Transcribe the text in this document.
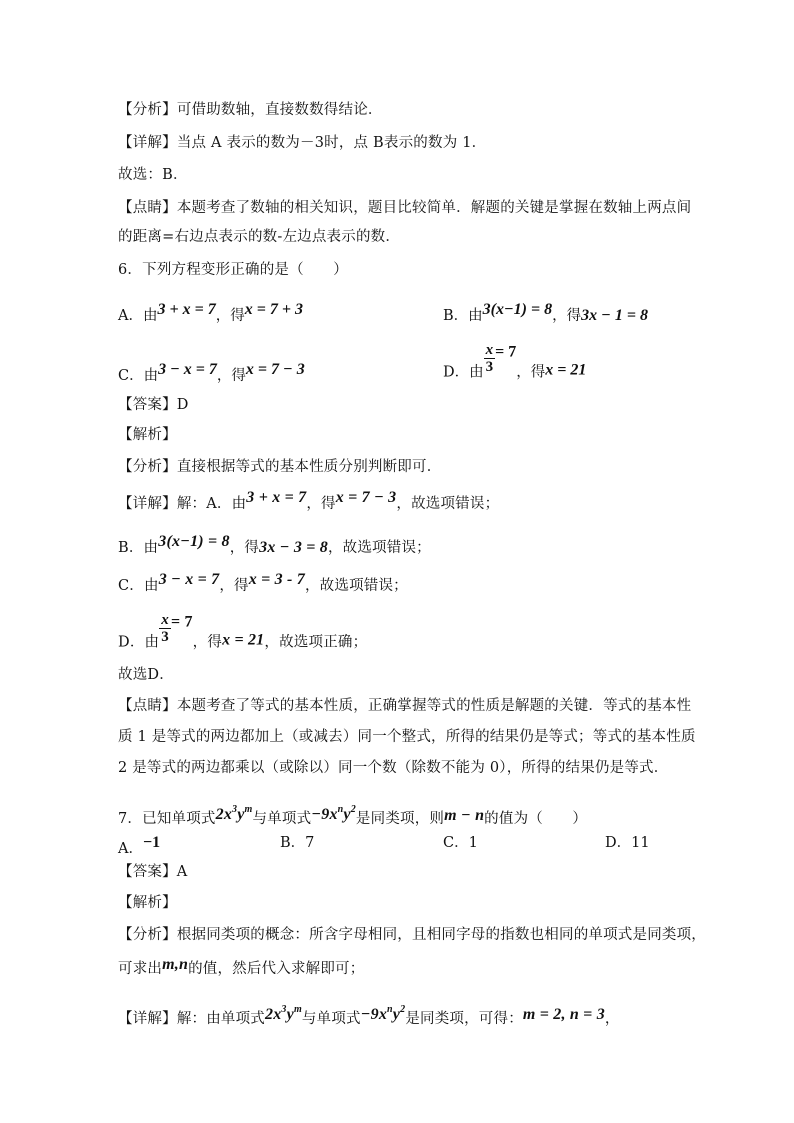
【分析】可借助数轴，直接数数得结论．
【详解】当点 A 表示的数为－3时，点 B表示的数为 1．
故选：B．
【点睛】本题考查了数轴的相关知识，题目比较简单．解题的关键是掌握在数轴上两点间
的距离=右边点表示的数-左边点表示的数．
6．下列方程变形正确的是（　　）
A．由3 + x = 7，得x = 7 + 3	B．由3(x−1) = 8，得3x − 1 = 8
C．由3 − x = 7，得x = 7 − 3	D．由 $\frac{x}{3} = 7$，得x = 21
【答案】D
【解析】
【分析】直接根据等式的基本性质分别判断即可．
【详解】解：A．由3 + x = 7，得x = 7 − 3，故选项错误；
B．由3(x−1) = 8，得3x − 3 = 8，故选项错误；
C．由3 − x = 7，得x = 3 - 7，故选项错误；
D．由 $\frac{x}{3} = 7$，得x = 21，故选项正确；
故选D．
【点睛】本题考查了等式的基本性质，正确掌握等式的性质是解题的关键．等式的基本性
质 1 是等式的两边都加上（或减去）同一个整式，所得的结果仍是等式；等式的基本性质
2 是等式的两边都乘以（或除以）同一个数（除数不能为 0），所得的结果仍是等式．
7．已知单项式$2x^3y^m$与单项式$-9x^ny^2$是同类项，则m − n的值为（　　）
A．−1	B．7	C．1	D．11
【答案】A
【解析】
【分析】根据同类项的概念：所含字母相同，且相同字母的指数也相同的单项式是同类项，
可求出m,n的值，然后代入求解即可；
【详解】解：由单项式$2x^3y^m$与单项式$-9x^ny^2$是同类项，可得：m = 2, n = 3，
